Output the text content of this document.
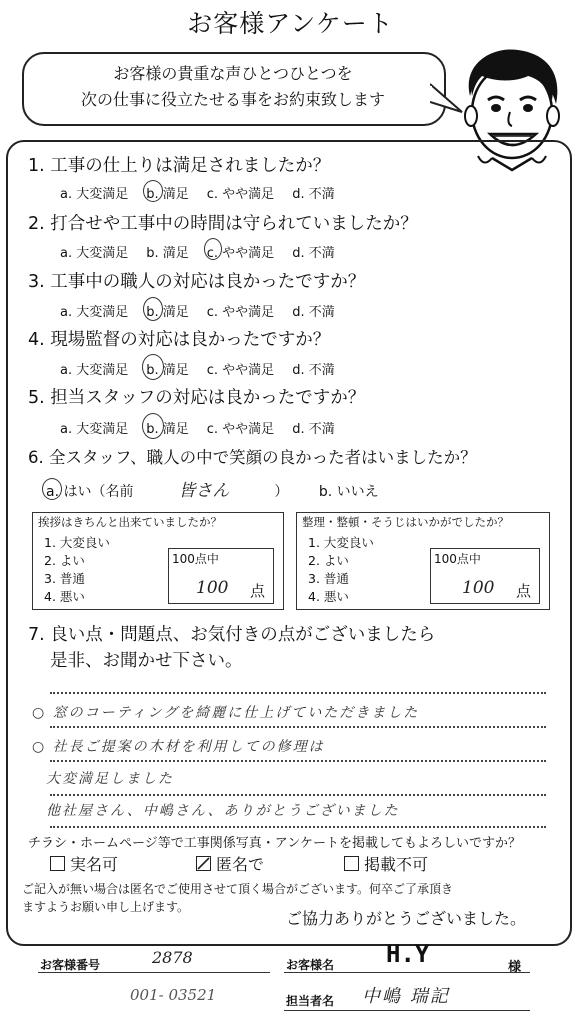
お客様アンケート
お客様の貴重な声ひとつひとつを
次の仕事に役立たせる事をお約束致します
1. 工事の仕上りは満足されましたか？
a. 大変満足 b. 満足 c. やや満足 d. 不満
2. 打合せや工事中の時間は守られていましたか？
a. 大変満足 b. 満足 c. やや満足 d. 不満
3. 工事中の職人の対応は良かったですか？
a. 大変満足 b. 満足 c. やや満足 d. 不満
4. 現場監督の対応は良かったですか？
a. 大変満足 b. 満足 c. やや満足 d. 不満
5. 担当スタッフの対応は良かったですか？
a. 大変満足 b. 満足 c. やや満足 d. 不満
6. 全スタッフ、職人の中で笑顔の良かった者はいましたか？
a. はい（名前	皆さん	） b. いいえ
挨拶はきちんと出来ていましたか？
1. 大変良い
2. よい
3. 普通
4. 悪い
100点中
100 点
整理・整頓・そうじはいかがでしたか？
1. 大変良い
2. よい
3. 普通
4. 悪い
100点中
100 点
7. 良い点・問題点、お気付きの点がございましたら
是非、お聞かせ下さい。
○ 窓のコーティングを綺麗に仕上げていただきました
○ 社長ご提案の木材を利用しての修理は
大変満足しました
他社屋さん、中嶋さん、ありがとうございました
チラシ・ホームページ等で工事関係写真・アンケートを掲載してもよろしいですか？
実名可	匿名で	掲載不可
ご記入が無い場合は匿名でご使用させて頂く場合がございます。何卒ご了承頂き
ますようお願い申し上げます。
ご協力ありがとうございました。
お客様番号	2878	お客様名 H.Y	様
001- 03521	担当者名 中嶋 瑞記
